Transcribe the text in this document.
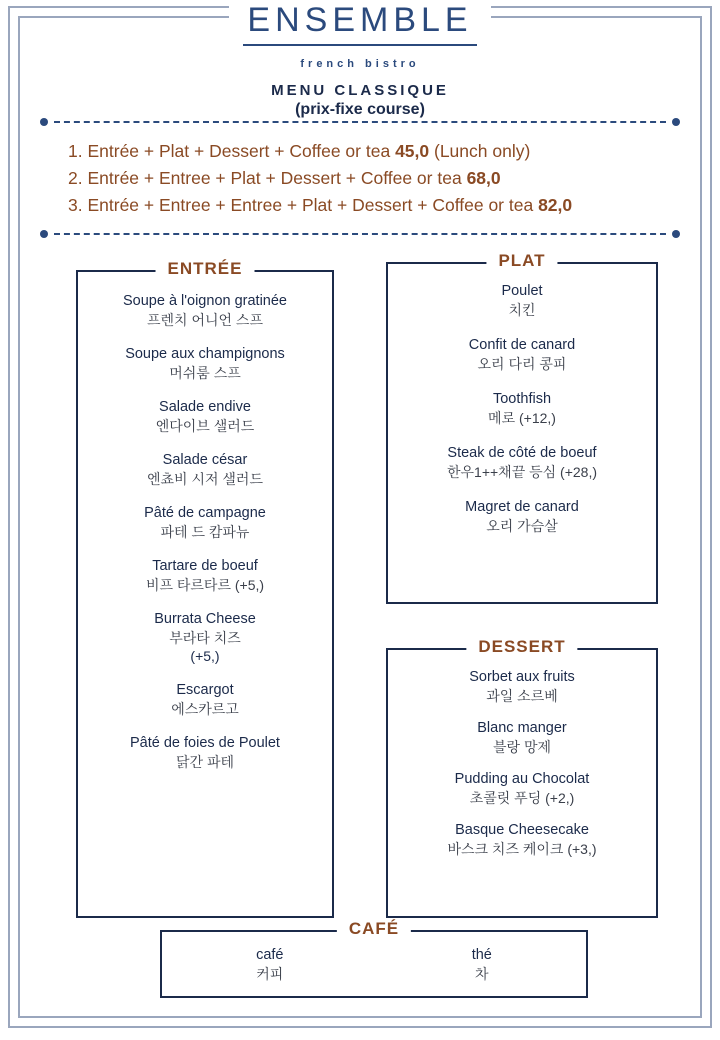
ENSEMBLE
french bistro
MENU CLASSIQUE
(prix-fixe course)
1. Entrée + Plat + Dessert + Coffee or tea 45,0 (Lunch only)
2. Entrée + Entree + Plat + Dessert + Coffee or tea 68,0
3. Entrée + Entree + Entree + Plat + Dessert + Coffee or tea 82,0
ENTRÉE
Soupe à l'oignon gratinée
프렌치 어니언 스프
Soupe aux champignons
머쉬룸 스프
Salade endive
엔다이브 샐러드
Salade césar
엔쵸비 시저 샐러드
Pâté de campagne
파테 드 캄파뉴
Tartare de boeuf
비프 타르타르 (+5,)
Burrata Cheese
부라타 치즈
(+5,)
Escargot
에스카르고
Pâté de foies de Poulet
닭간 파테
PLAT
Poulet
치킨
Confit de canard
오리 다리 콩피
Toothfish
메로 (+12,)
Steak de côté de boeuf
한우1++채끝 등심 (+28,)
Magret de canard
오리 가슴살
DESSERT
Sorbet aux fruits
과일 소르베
Blanc manger
블랑 망제
Pudding au Chocolat
초콜릿 푸딩 (+2,)
Basque Cheesecake
바스크 치즈 케이크 (+3,)
CAFÉ
café
커피
thé
차
